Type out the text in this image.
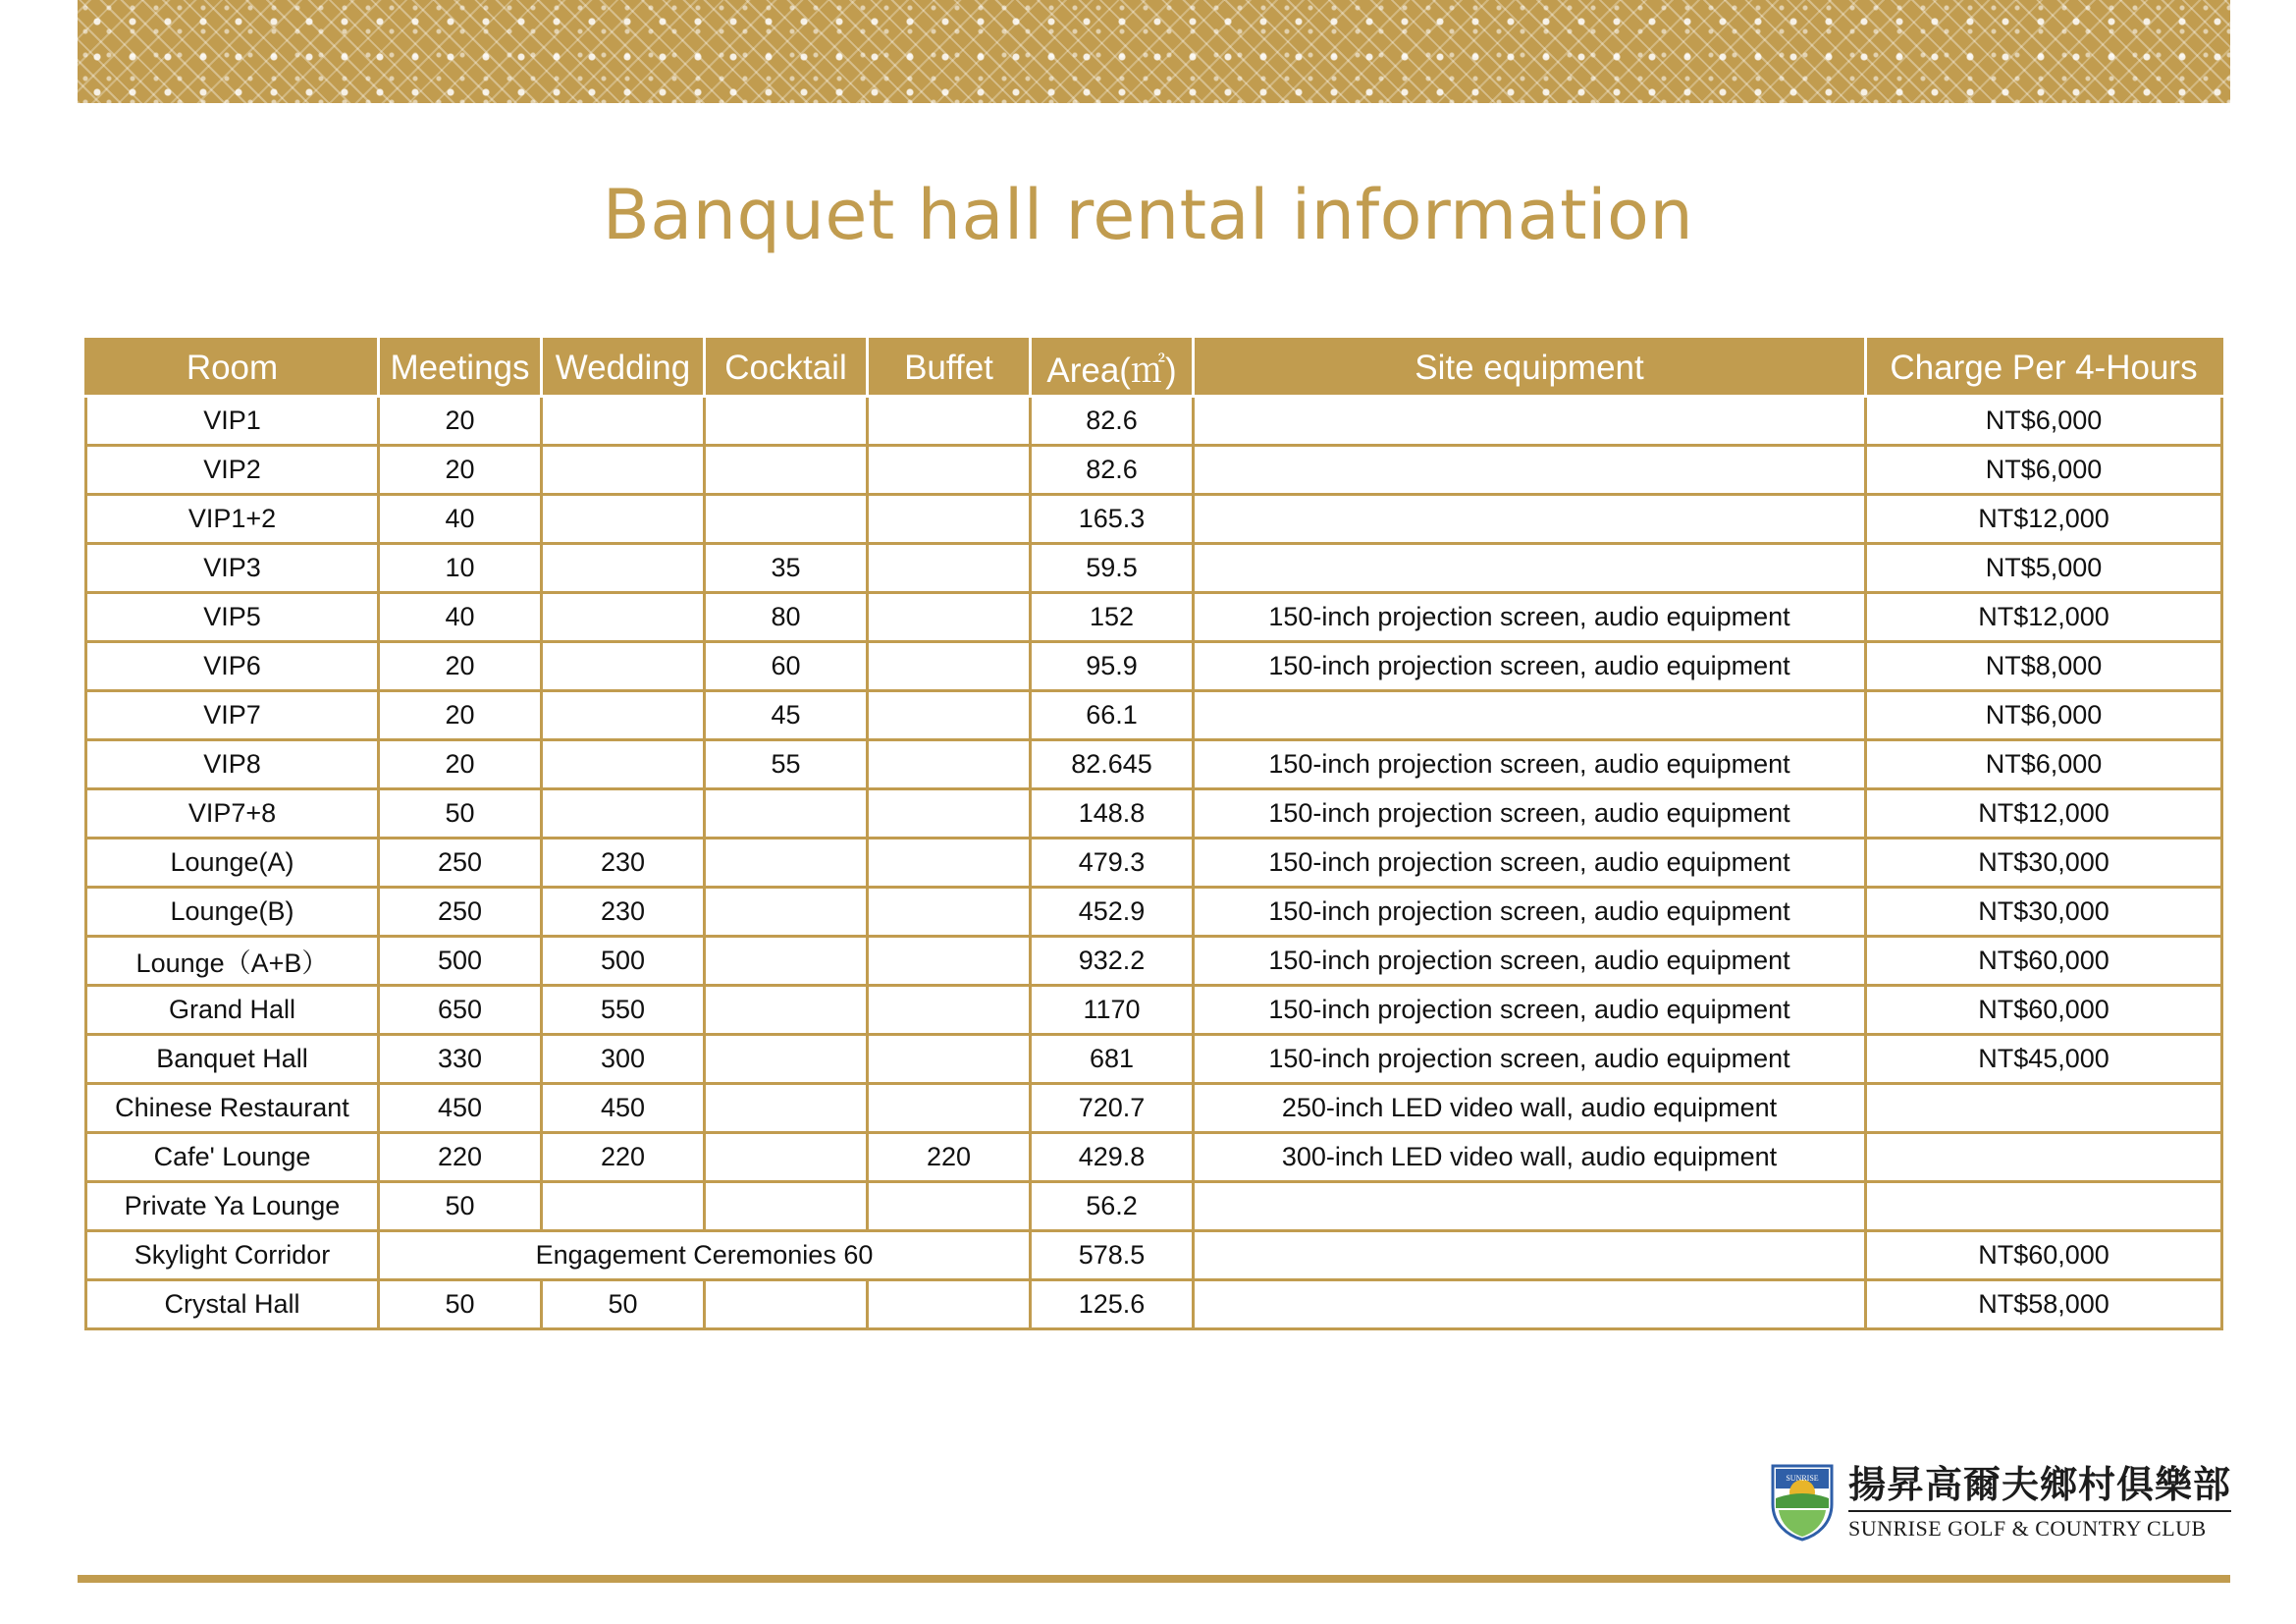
Banquet hall rental information
Room	Meetings	Wedding	Cocktail	Buffet	Area(㎡)	Site equipment	Charge Per 4-Hours
VIP1	20				82.6		NT$6,000
VIP2	20				82.6		NT$6,000
VIP1+2	40				165.3		NT$12,000
VIP3	10		35		59.5		NT$5,000
VIP5	40		80		152	150-inch projection screen, audio equipment	NT$12,000
VIP6	20		60		95.9	150-inch projection screen, audio equipment	NT$8,000
VIP7	20		45		66.1		NT$6,000
VIP8	20		55		82.645	150-inch projection screen, audio equipment	NT$6,000
VIP7+8	50				148.8	150-inch projection screen, audio equipment	NT$12,000
Lounge(A)	250	230			479.3	150-inch projection screen, audio equipment	NT$30,000
Lounge(B)	250	230			452.9	150-inch projection screen, audio equipment	NT$30,000
Lounge（A+B）	500	500			932.2	150-inch projection screen, audio equipment	NT$60,000
Grand Hall	650	550			1170	150-inch projection screen, audio equipment	NT$60,000
Banquet Hall	330	300			681	150-inch projection screen, audio equipment	NT$45,000
Chinese Restaurant	450	450			720.7	250-inch LED video wall, audio equipment	
Cafe' Lounge	220	220		220	429.8	300-inch LED video wall, audio equipment	
Private Ya Lounge	50				56.2		
Skylight Corridor	Engagement Ceremonies 60				578.5		NT$60,000
Crystal Hall	50	50			125.6		NT$58,000
SUNRISE 揚昇高爾夫鄉村俱樂部
SUNRISE GOLF & COUNTRY CLUB
